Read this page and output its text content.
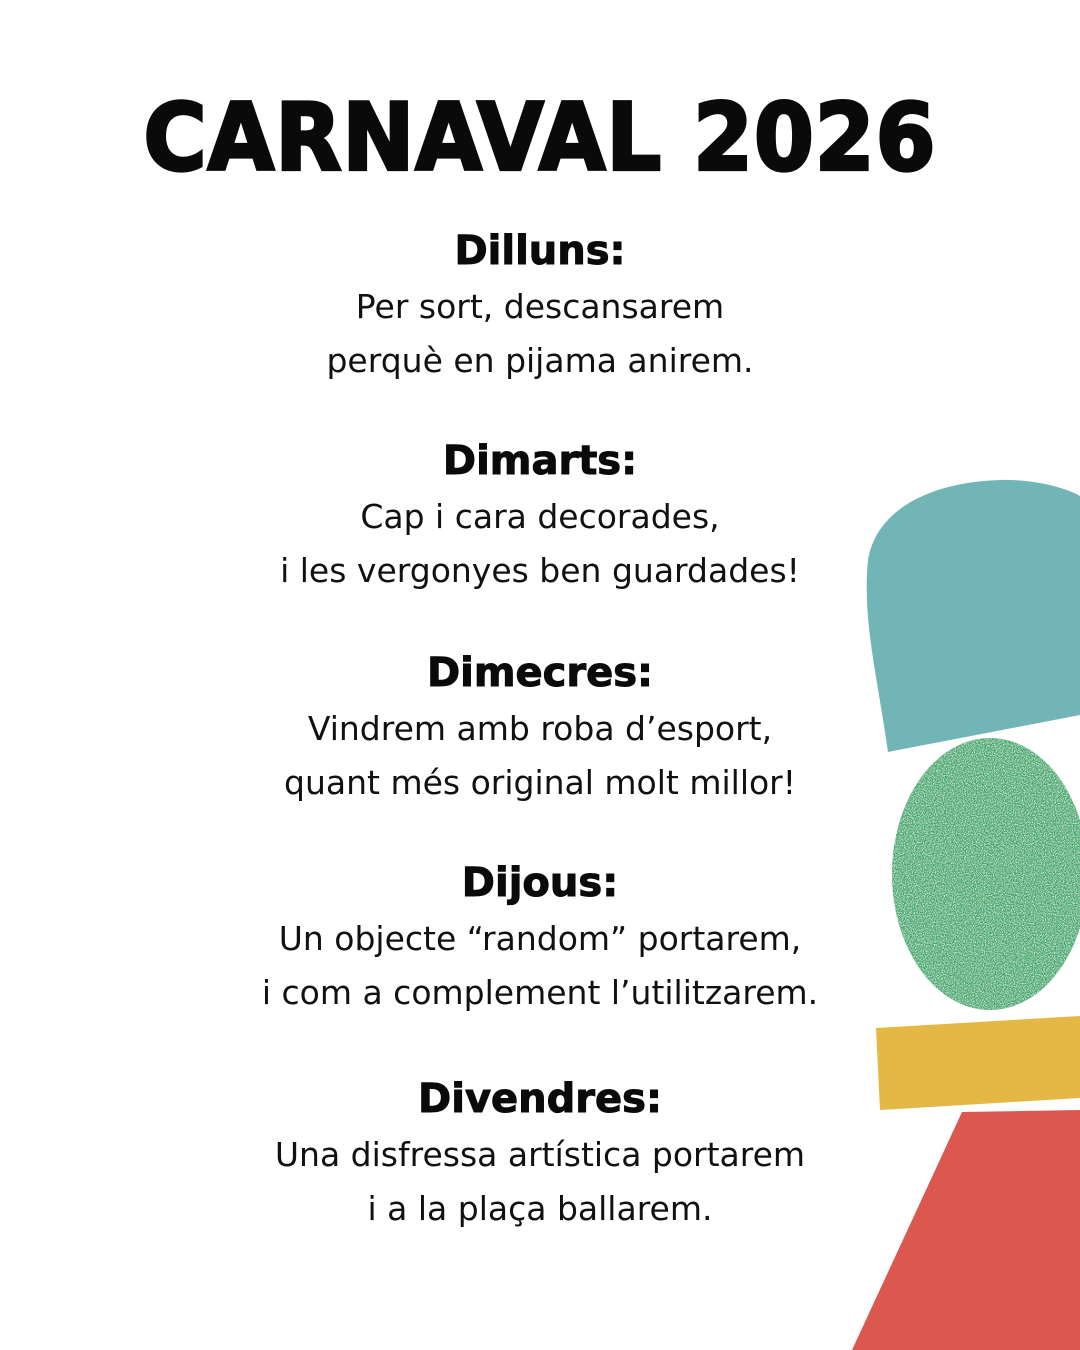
CARNAVAL 2026
Dilluns:
Per sort, descansarem
perquè en pijama anirem.
Dimarts:
Cap i cara decorades,
i les vergonyes ben guardades!
Dimecres:
Vindrem amb roba d’esport,
quant més original molt millor!
Dijous:
Un objecte “random” portarem,
i com a complement l’utilitzarem.
Divendres:
Una disfressa artística portarem
i a la plaça ballarem.
